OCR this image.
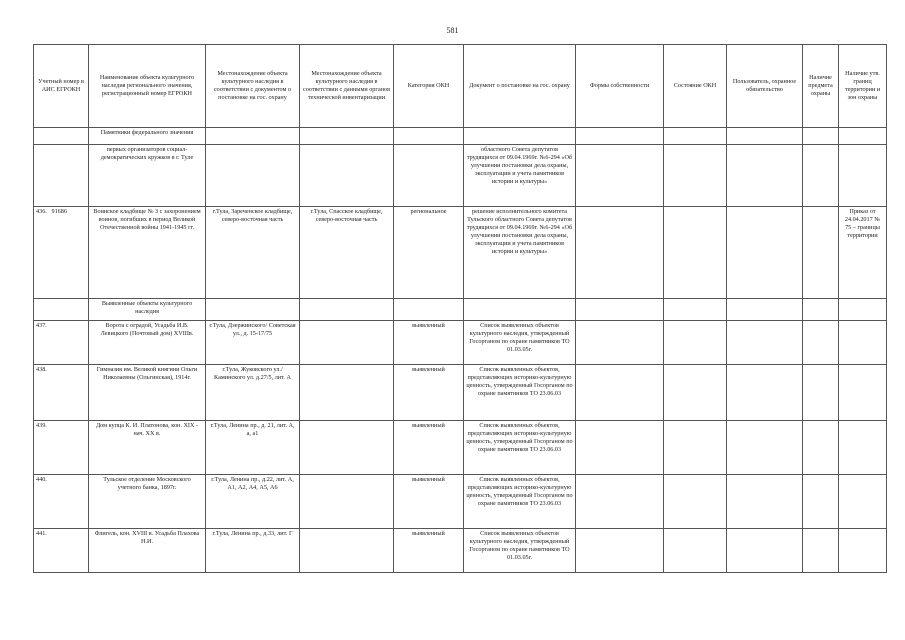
581
Учетный номер в АИС ЕГРОКН	Наименование объекта культурного наследия регионального значения, регистрационный номер ЕГРОКН	Местонахождение объекта культурного наследия в соответствии с документом о постановке на гос. охрану	Местонахождение объекта культурного наследия в соответствии с данными органов технической инвентаризации	Категория ОКН	Документ о постановке на гос. охрану	Формы собственности	Состояние ОКН	Пользователь, охранное обязательство	Наличие предмета охраны	Наличие утв. границ территории и зон охраны
	Памятники федерального значения									
	первых организаторов социал-демократических кружков в г. Туле				областного Совета депутатов трудящихся от 09.04.1969г. №6-294 «Об улучшении постановки дела охраны, эксплуатации и учета памятников истории и культуры»					
436.   91686	Воинское кладбище № 3 с захоронением воинов, погибших в период Великой Отечественной войны 1941-1945 гг.	г.Тула, Зареченское кладбище, северо-восточная часть	г.Тула, Спасское кладбище, северо-восточная часть	региональное	решение исполнительного комитета Тульского областного Совета депутатов трудящихся от 09.04.1969г. №6-294 «Об улучшении постановки дела охраны, эксплуатации и учета памятников истории и культуры»					Приказ от 24.04.2017 № 75 – границы территории
	Выявленные объекты культурного наследия									
437.	Ворота с оградой, Усадьба И.В. Левицкого (Почтовый дом) XVIIIв.	г.Тула, Дзержинского/ Советская ул., д. 15-17/75		выявленный	Список выявленных объектов культурного наследия, утвержденный Госорганом по охране памятников ТО 01.03.05г.					
438.	Гимназия им. Великой княгини Ольги Николаевны (Ольгинская), 1914г.	г.Тула, Жуковского ул./Каминского ул. д.27/5, лит. А		выявленный	Список выявленных объектов, представляющих историко-культурную ценность, утвержденный Госорганом по охране памятников ТО 23.06.03					
439.	Дом купца К. И. Платонова, кон. XIX - нач. XX в.	г.Тула, Ленина пр., д. 21, лит. А, а, а1		выявленный	Список выявленных объектов, представляющих историко-культурную ценность, утвержденный Госорганом по охране памятников ТО 23.06.03					
440.	Тульское отделение Московского учетного банка, 1897г.	г.Тула, Ленина пр., д.22, лит. А, А1, А2, А4, А5, А6		выявленный	Список выявленных объектов, представляющих историко-культурную ценность, утвержденный Госорганом по охране памятников ТО 23.06.03					
441.	Флигель, кон. XVIII в. Усадьба Плахова Н.И.	г.Тула, Ленина пр., д.33, лит. Г		выявленный	Список выявленных объектов культурного наследия, утвержденный Госорганом по охране памятников ТО 01.03.05г.					
